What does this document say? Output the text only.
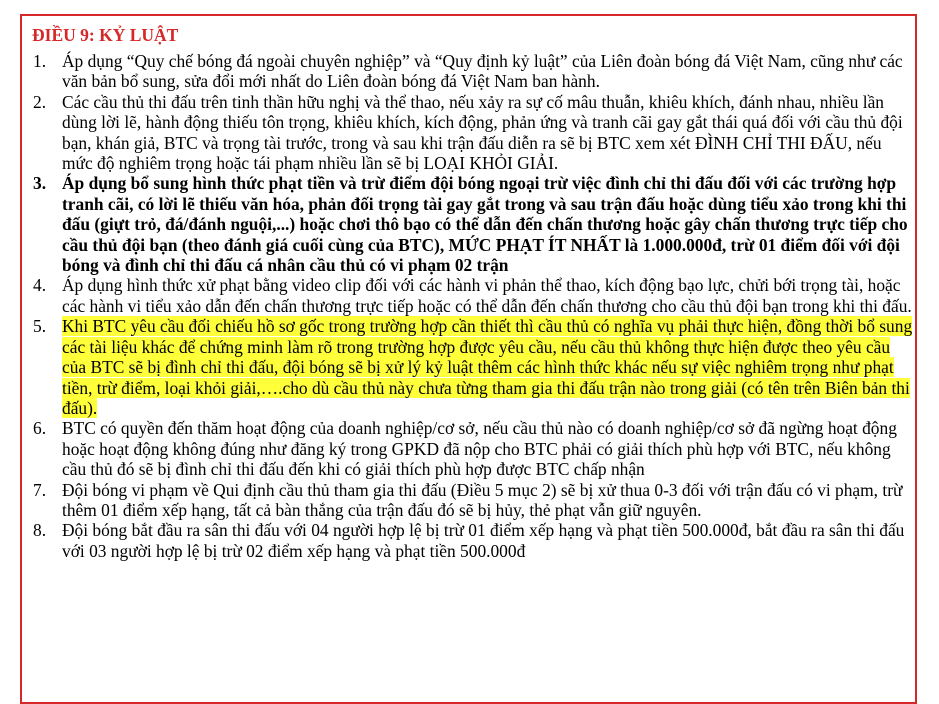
ĐIỀU 9: KỶ LUẬT
1. Áp dụng “Quy chế bóng đá ngoài chuyên nghiệp” và “Quy định kỷ luật” của Liên đoàn bóng đá Việt Nam, cũng như các văn bản bổ sung, sửa đổi mới nhất do Liên đoàn bóng đá Việt Nam ban hành.
2. Các cầu thủ thi đấu trên tinh thần hữu nghị và thể thao, nếu xảy ra sự cố mâu thuẫn, khiêu khích, đánh nhau, nhiều lần dùng lời lẽ, hành động thiếu tôn trọng, khiêu khích, kích động, phản ứng và tranh cãi gay gắt thái quá đối với cầu thủ đội bạn, khán giả, BTC và trọng tài trước, trong và sau khi trận đấu diễn ra sẽ bị BTC xem xét ĐÌNH CHỈ THI ĐẤU, nếu mức độ nghiêm trọng hoặc tái phạm nhiều lần sẽ bị LOẠI KHỎI GIẢI.
3. Áp dụng bổ sung hình thức phạt tiền và trừ điểm đội bóng ngoại trừ việc đình chỉ thi đấu đối với các trường hợp tranh cãi, có lời lẽ thiếu văn hóa, phản đối trọng tài gay gắt trong và sau trận đấu hoặc dùng tiểu xảo trong khi thi đấu (giựt trỏ, đá/đánh nguội,...) hoặc chơi thô bạo có thể dẫn đến chấn thương hoặc gây chấn thương trực tiếp cho cầu thủ đội bạn (theo đánh giá cuối cùng của BTC), MỨC PHẠT ÍT NHẤT là 1.000.000đ, trừ 01 điểm đối với đội bóng và đình chỉ thi đấu cá nhân cầu thủ có vi phạm 02 trận
4. Áp dụng hình thức xử phạt bằng video clip đối với các hành vi phản thể thao, kích động bạo lực, chửi bới trọng tài, hoặc các hành vi tiểu xảo dẫn đến chấn thương trực tiếp hoặc có thể dẫn đến chấn thương cho cầu thủ đội bạn trong khi thi đấu.
5. Khi BTC yêu cầu đối chiếu hồ sơ gốc trong trường hợp cần thiết thì cầu thủ có nghĩa vụ phải thực hiện, đồng thời bổ sung các tài liệu khác để chứng minh làm rõ trong trường hợp được yêu cầu, nếu cầu thủ không thực hiện được theo yêu cầu của BTC sẽ bị đình chỉ thi đấu, đội bóng sẽ bị xử lý kỷ luật thêm các hình thức khác nếu sự việc nghiêm trọng như phạt tiền, trừ điểm, loại khỏi giải,….cho dù cầu thủ này chưa từng tham gia thi đấu trận nào trong giải (có tên trên Biên bản thi đấu).
6. BTC có quyền đến thăm hoạt động của doanh nghiệp/cơ sở, nếu cầu thủ nào có doanh nghiệp/cơ sở đã ngừng hoạt động hoặc hoạt động không đúng như đăng ký trong GPKD đã nộp cho BTC phải có giải thích phù hợp với BTC, nếu không cầu thủ đó sẽ bị đình chỉ thi đấu đến khi có giải thích phù hợp được BTC chấp nhận
7. Đội bóng vi phạm về Qui định cầu thủ tham gia thi đấu (Điều 5 mục 2) sẽ bị xử thua 0-3 đối với trận đấu có vi phạm, trừ thêm 01 điểm xếp hạng, tất cả bàn thắng của trận đấu đó sẽ bị hủy, thẻ phạt vẫn giữ nguyên.
8. Đội bóng bắt đầu ra sân thi đấu với 04 người hợp lệ bị trừ 01 điểm xếp hạng và phạt tiền 500.000đ, bắt đầu ra sân thi đấu với 03 người hợp lệ bị trừ 02 điểm xếp hạng và phạt tiền 500.000đ
